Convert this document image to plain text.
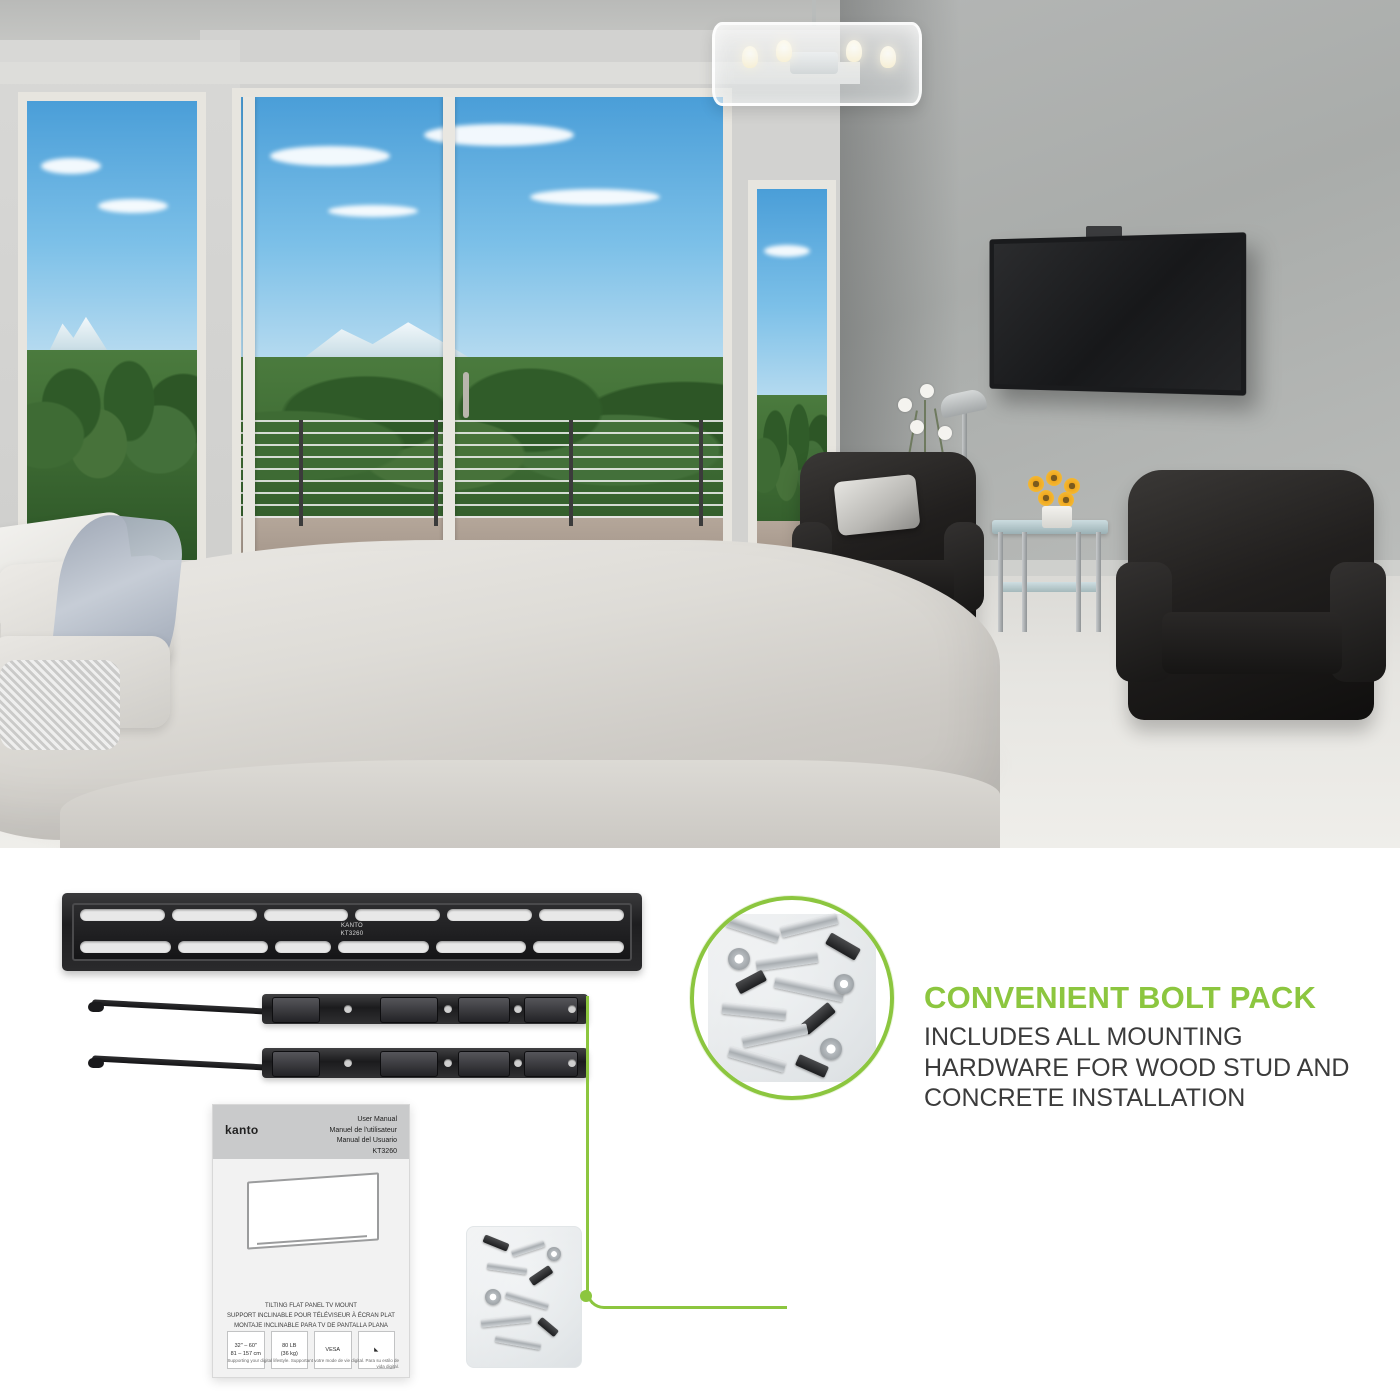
KANTO
KT3260
kanto
User Manual
Manuel de l'utilisateur
Manual del Usuario
KT3260
TILTING FLAT PANEL TV MOUNT
SUPPORT INCLINABLE POUR TÉLÉVISEUR À ÉCRAN PLAT
MONTAJE INCLINABLE PARA TV DE PANTALLA PLANA
32" – 60"
81 – 157 cm
80 LB
(36 kg)
VESA	◣
Supporting your digital lifestyle. Supportant votre mode de vie digital. Para su estilo de vida digital.
CONVENIENT BOLT PACK

INCLUDES ALL MOUNTING HARDWARE FOR WOOD STUD AND CONCRETE INSTALLATION
